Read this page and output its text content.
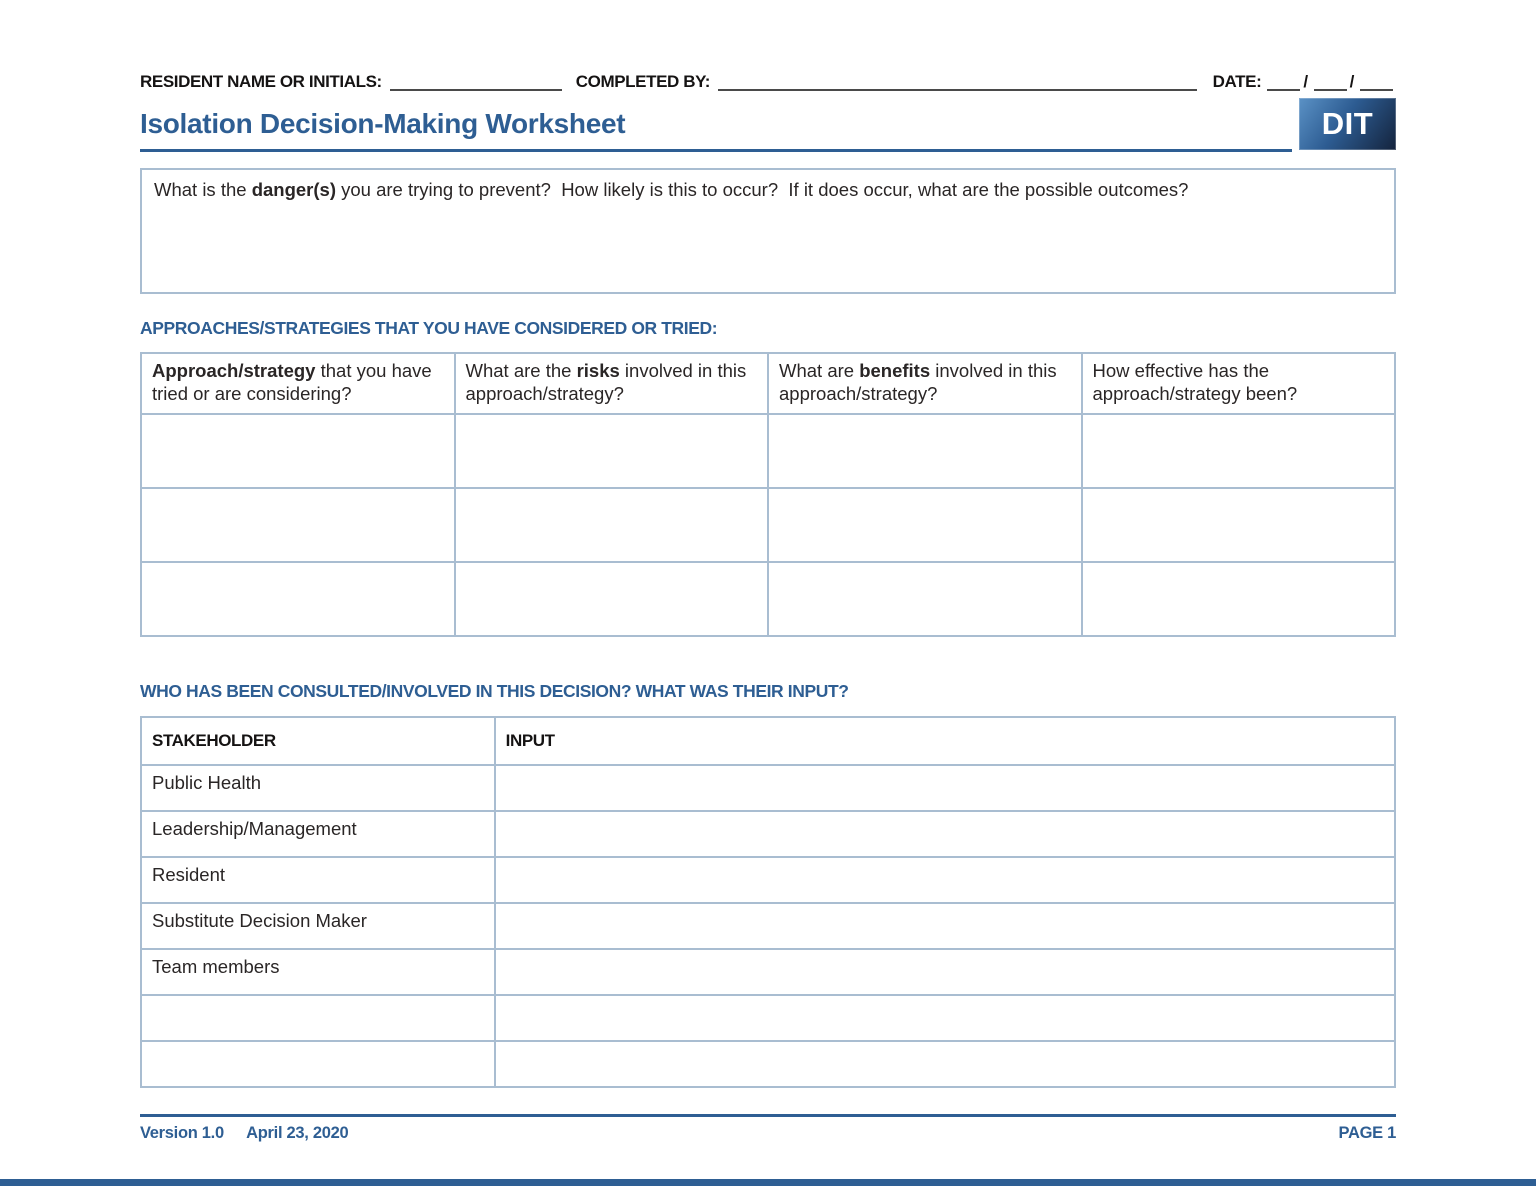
RESIDENT NAME OR INITIALS:	COMPLETED BY:	DATE: / /
Isolation Decision-Making Worksheet	DIT
What is the danger(s) you are trying to prevent?  How likely is this to occur?  If it does occur, what are the possible outcomes?
APPROACHES/STRATEGIES THAT YOU HAVE CONSIDERED OR TRIED:
Approach/strategy that you have tried or are considering?	What are the risks involved in this approach/strategy?	What are benefits involved in this approach/strategy?	How effective has the approach/strategy been?

WHO HAS BEEN CONSULTED/INVOLVED IN THIS DECISION? WHAT WAS THEIR INPUT?
STAKEHOLDER	INPUT
Public Health	
Leadership/Management	
Resident	
Substitute Decision Maker	
Team members	

Version 1.0 April 23, 2020	PAGE 1
